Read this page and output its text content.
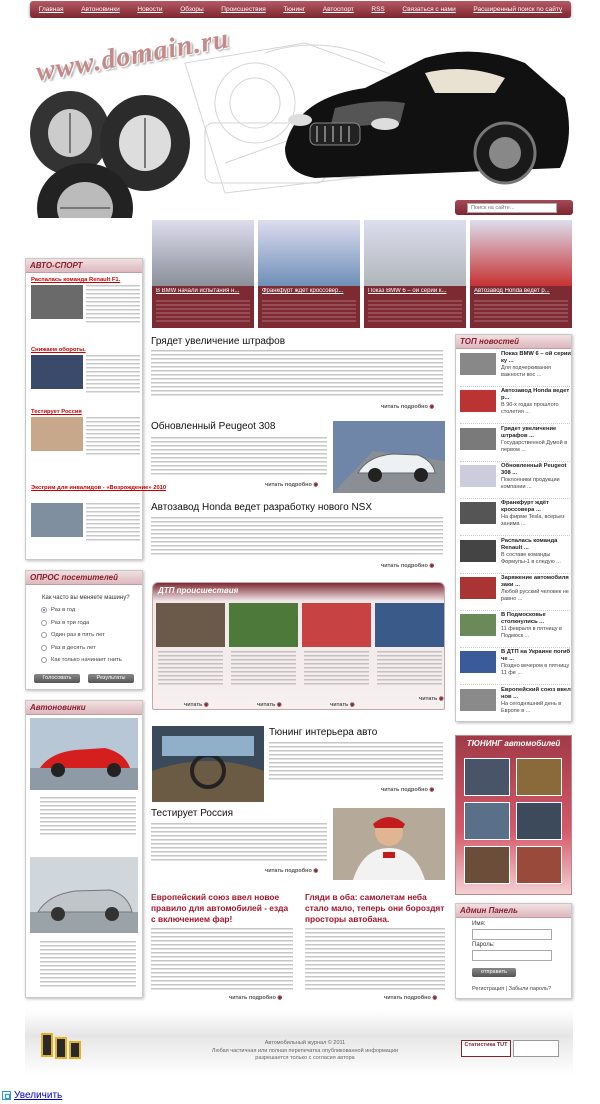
Главная	Автоновинки	Новости	Обзоры	Происшествия	Тюнинг	Автоспорт	RSS	Связаться с нами	Расширенный поиск по сайту
www.domain.ru
Поиск на сайте...
В BMW начали испытания н...	Франкфурт ждёт кроссовер...	Показ BMW 6 – ой серии к...	Автозавод Honda ведет р...
АВТО-СПОРТ
Распалась команда Renault F1.
Снижаем обороты.
Тестирует Россия
Экстрим для инвалидов - «Возрождение» 2010
ОПРОС посетителей
Как часто вы меняете машину?
Раз в год
Раз в три года
Один раз в пять лет
Раз в десять лет
Как только начинает гнить
Голосовать	Результаты
Автоновинки
Грядет увеличение штрафов
читать подробно ◉
Обновленный Peugeot 308
читать подробно ◉
Автозавод Honda ведет разработку нового NSX
читать подробно ◉
ДТП происшествия
читать ◉	читать ◉	читать ◉
читать ◉
Тюнинг интерьера авто
читать подробно ◉
Тестирует Россия
читать подробно ◉
Европейский союз ввел новое правило для автомобилей - езда с включением фар!
читать подробно ◉
Гляди в оба: самолетам неба стало мало, теперь они бороздят просторы автобана.
читать подробно ◉
ТОП новостей
Показ BMW 6 – ой серии ку ...
Для подчеркивания важности вос ...
Автозавод Honda ведет р...
В 90-х годах прошлого столетия ...
Грядет увеличение штрафов ...
Государственной Думой в первом ...
Обновленный Peugeot 308 ...
Поклонники продукции компании ...
Франкфурт ждёт кроссовера ...
На фирме Tesla, всерьез занима ...
Распалась команда Renault ...
В составе команды Формулы-1 в следую ...
Заряжение автомобиля заки ...
Любой русский человек не равно ...
В Подмосковье столкнулись ...
11 февраля в пятницу в Подмоск ...
В ДТП на Украине погиб че ...
Поздно вечером в пятницу 11 фе ...
Европейский союз ввел нов ...
На сегодняшний день в Европе в ...
ТЮНИНГ автомобилей
Админ Панель
Имя:
Пароль:
отправить
Регистрация | Забыли пароль?
Автомобильный журнал © 2011
Любая частичная или полная перепечатка опубликованной информации
разрешается только с согласия автора
Статистика TUT
Увеличить
